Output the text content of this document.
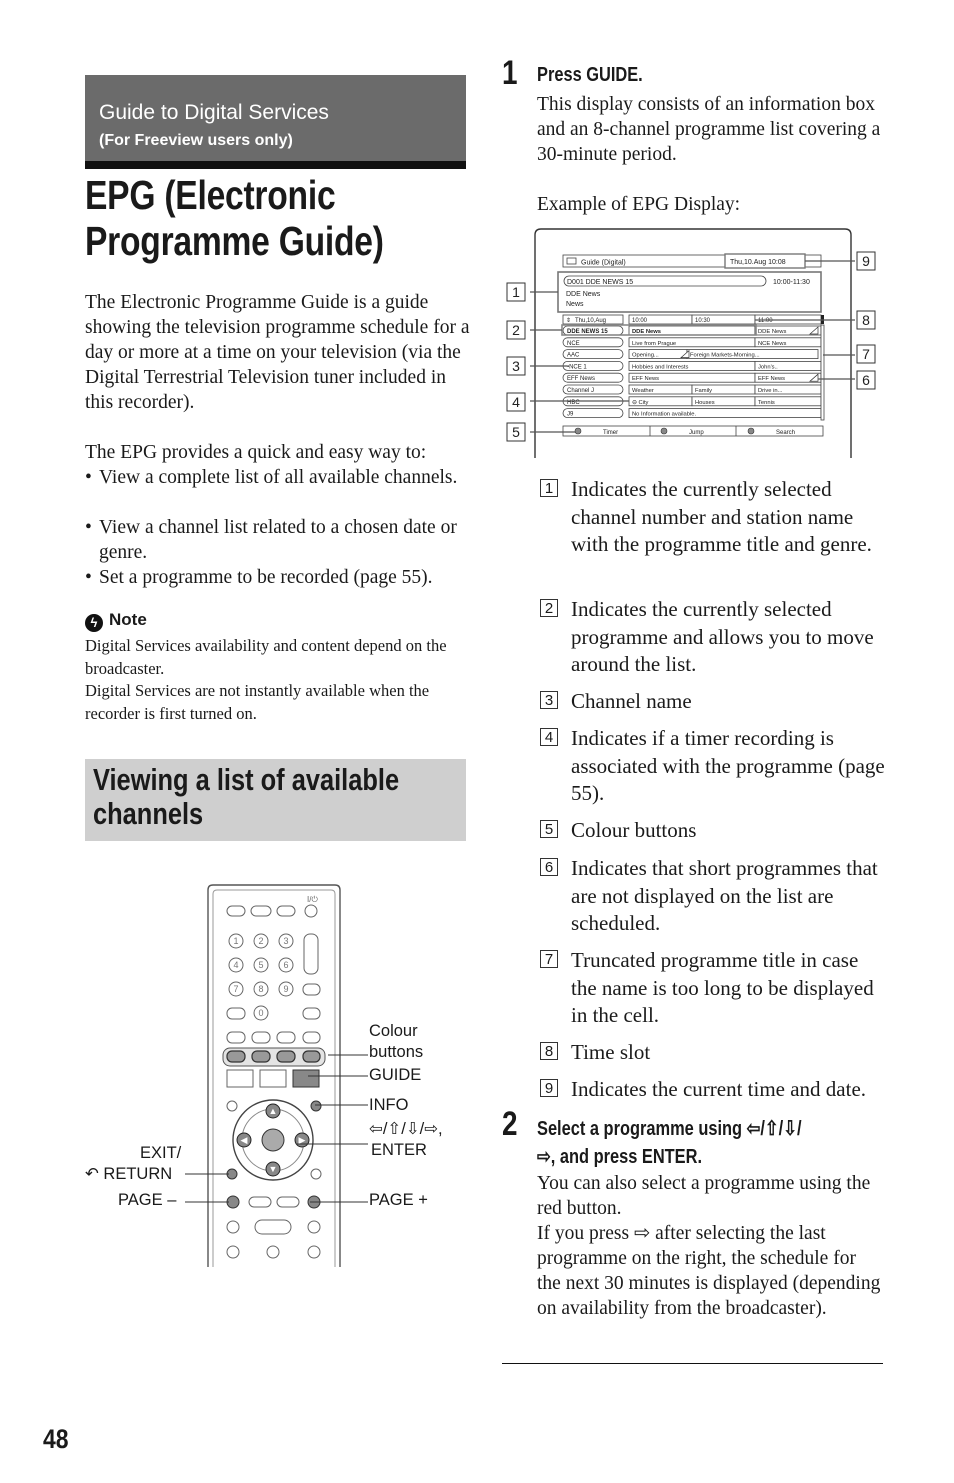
Guide to Digital Services
(For Freeview users only)
EPG (Electronic
Programme Guide)
The Electronic Programme Guide is a guide showing the television programme schedule for a day or more at a time on your television (via the Digital Terrestrial Television tuner included in this recorder).
The EPG provides a quick and easy way to:
• View a complete list of all available channels.
• View a channel list related to a chosen date or genre.
• Set a programme to be recorded (page 55).
ϟ Note
Digital Services availability and content depend on the broadcaster.
Digital Services are not instantly available when the recorder is first turned on.
Viewing a list of available
channels
I/⏻
1 2 3
4 5 6
7 8 9
0
▲
▼
◀	▶
Colour
buttons
GUIDE
INFO
⇦/⇧/⇩/⇨,
ENTER
EXIT/
↶ RETURN
PAGE –	PAGE +
1 Press GUIDE.
This display consists of an information box and an 8-channel programme list covering a 30-minute period.
Example of EPG Display:
Guide (Digital)	Thu,10.Aug 10:08
D001 DDE NEWS 15	10:00-11:30
DDE News
News
⇕ Thu,10,Aug	10:00	10:30	11:00
DDE NEWS 15	DDE News	DDE News
NCE	Live from Prague	NCE News
AAC	Opening...	Foreign Markets-Morning...
•NCE 1	Hobbies and Interests	John's..
EFF News	EFF News	EFF News
Channel J	Weather	Family	Drive in...
HBC	⊖ City	Houses	Tennis
J9	No Information available.
Timer	Jump	Search
1
2
3
4
5
9
8
7
6
1 Indicates the currently selected channel number and station name with the programme title and genre.
2 Indicates the currently selected programme and allows you to move around the list.
3 Channel name
4 Indicates if a timer recording is associated with the programme (page 55).
5 Colour buttons
6 Indicates that short programmes that are not displayed on the list are scheduled.
7 Truncated programme title in case the name is too long to be displayed in the cell.
8 Time slot
9 Indicates the current time and date.
2 Select a programme using ⇦/⇧/⇩/
⇨, and press ENTER.
You can also select a programme using the red button.
If you press ⇨ after selecting the last programme on the right, the schedule for the next 30 minutes is displayed (depending on availability from the broadcaster).
48
